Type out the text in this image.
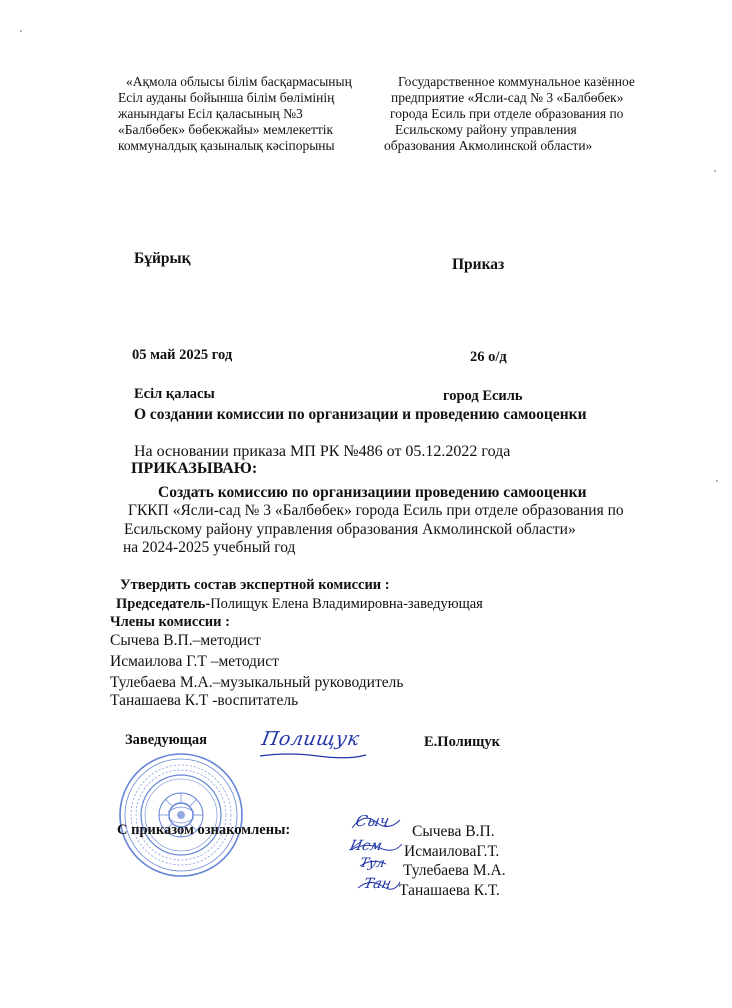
«Ақмола облысы білім басқармасының
Есіл ауданы бойынша білім бөлімінің
жанындағы Есіл қаласының №3
«Балбөбек» бөбекжайы» мемлекеттік
коммуналдық қазыналық кәсіпорыны
Государственное коммунальное казённое
предприятие «Ясли-сад № 3 «Балбөбек»
города Есиль при отделе образования по
Есильскому району управления
образования Акмолинской области»
Бұйрық	Приказ
05 май 2025 год	26 о/д
Есіл қаласы	город Есиль
О создании комиссии по организации и проведению самооценки
На основании приказа МП РК №486 от 05.12.2022 года
ПРИКАЗЫВАЮ:
Создать комиссию по организациии проведению самооценки
ГККП «Ясли-сад № 3 «Балбөбек» города Есиль при отделе образования по
Есильскому району управления образования Акмолинской области»
на 2024-2025 учебный год
Утвердить состав экспертной комиссии :
Председатель-Полищук Елена Владимировна-заведующая
Члены комиссии :
Сычева В.П.–методист
Исмаилова Г.Т –методист
Тулебаева М.А.–музыкальный руководитель
Танашаева К.Т -воспитатель
Заведующая	Полищук	Е.Полищук
С приказом ознакомлены:	Сыч
Сычева В.П.
Исм ИсмаиловаГ.Т.
Тул Тулебаева М.А.
Тан Танашаева К.Т.
